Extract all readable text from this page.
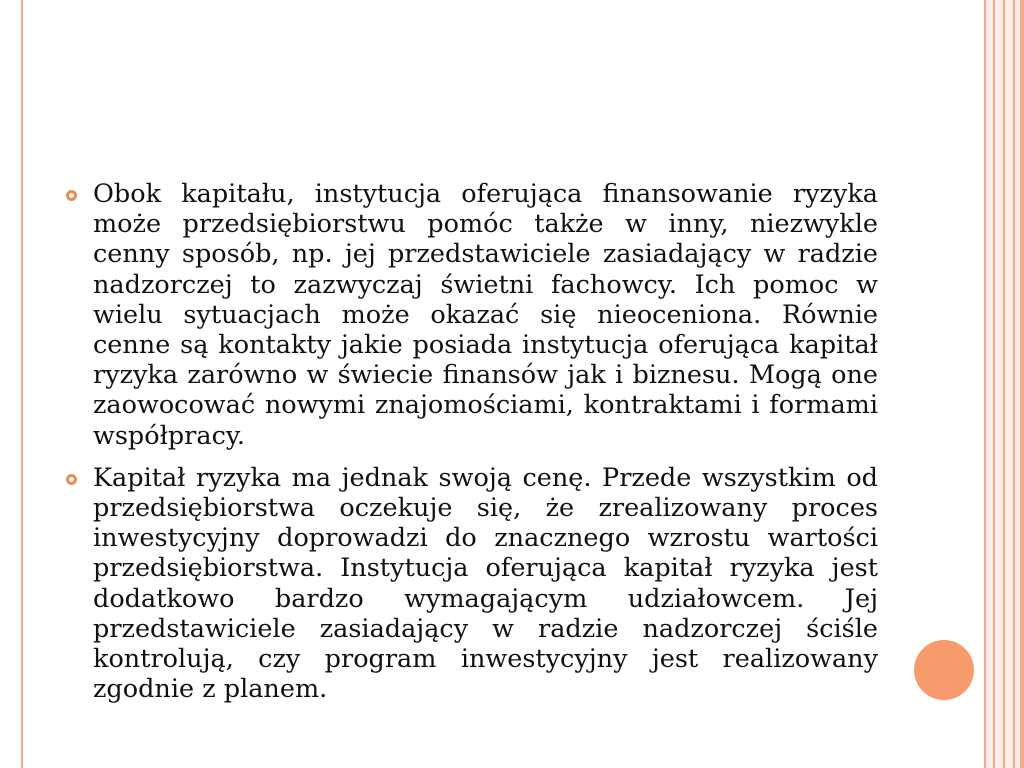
Obok kapitału, instytucja oferująca finansowanie ryzyka może przedsiębiorstwu pomóc także w inny, niezwykle cenny sposób, np. jej przedstawiciele zasiadający w radzie nadzorczej to zazwyczaj świetni fachowcy. Ich pomoc w wielu sytuacjach może okazać się nieoceniona. Równie cenne są kontakty jakie posiada instytucja oferująca kapitał ryzyka zarówno w świecie finansów jak i biznesu. Mogą one zaowocować nowymi znajomościami, kontraktami i formami współpracy.
Kapitał ryzyka ma jednak swoją cenę. Przede wszystkim od przedsiębiorstwa oczekuje się, że zrealizowany proces inwestycyjny doprowadzi do znacznego wzrostu wartości przedsiębiorstwa. Instytucja oferująca kapitał ryzyka jest dodatkowo bardzo wymagającym udziałowcem. Jej przedstawiciele zasiadający w radzie nadzorczej ściśle kontrolują, czy program inwestycyjny jest realizowany zgodnie z planem.
